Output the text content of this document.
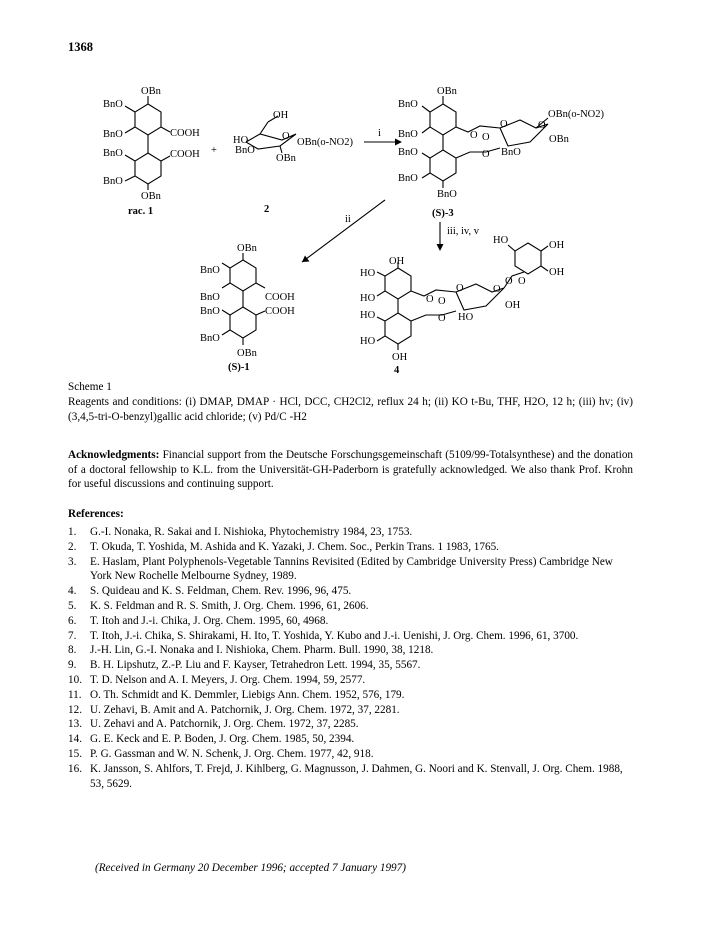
1368
OBn
BnO
BnO
BnO
BnO
OBn
COOH
COOH
rac. 1
+
OH
HO
BnO
O
OBn(o-NO2)
OBn
2
i
OBn
BnO
BnO
BnO
BnO
BnO
O O
O
O
O
OBn(o-NO2)
OBn
BnO
(S)-3
ii
iii, iv, v
OBn
BnO
BnO
BnO
BnO
OBn
COOH
COOH
(S)-1
OH
HO
HO
HO
HO
OH
HO	OH
OH
O O
O
O
O
O O
OH
HO
4
Scheme 1
Reagents and conditions: (i) DMAP, DMAP · HCl, DCC, CH2Cl2, reflux 24 h; (ii) KO t-Bu, THF, H2O, 12 h; (iii) hv; (iv) (3,4,5-tri-O-benzyl)gallic acid chloride; (v) Pd/C -H2
Acknowledgments: Financial support from the Deutsche Forschungsgemeinschaft (5109/99-Totalsynthese) and the donation of a doctoral fellowship to K.L. from the Universität-GH-Paderborn is gratefully acknowledged. We also thank Prof. Krohn for useful discussions and continuing support.
References:
1.	G.-I. Nonaka, R. Sakai and I. Nishioka, Phytochemistry 1984, 23, 1753.
2.	T. Okuda, T. Yoshida, M. Ashida and K. Yazaki, J. Chem. Soc., Perkin Trans. 1 1983, 1765.
3.	E. Haslam, Plant Polyphenols-Vegetable Tannins Revisited (Edited by Cambridge University Press) Cambridge New York New Rochelle Melbourne Sydney, 1989.
4.	S. Quideau and K. S. Feldman, Chem. Rev. 1996, 96, 475.
5.	K. S. Feldman and R. S. Smith, J. Org. Chem. 1996, 61, 2606.
6.	T. Itoh and J.-i. Chika, J. Org. Chem. 1995, 60, 4968.
7.	T. Itoh, J.-i. Chika, S. Shirakami, H. Ito, T. Yoshida, Y. Kubo and J.-i. Uenishi, J. Org. Chem. 1996, 61, 3700.
8.	J.-H. Lin, G.-I. Nonaka and I. Nishioka, Chem. Pharm. Bull. 1990, 38, 1218.
9.	B. H. Lipshutz, Z.-P. Liu and F. Kayser, Tetrahedron Lett. 1994, 35, 5567.
10. T. D. Nelson and A. I. Meyers, J. Org. Chem. 1994, 59, 2577.
11. O. Th. Schmidt and K. Demmler, Liebigs Ann. Chem. 1952, 576, 179.
12. U. Zehavi, B. Amit and A. Patchornik, J. Org. Chem. 1972, 37, 2281.
13. U. Zehavi and A. Patchornik, J. Org. Chem. 1972, 37, 2285.
14. G. E. Keck and E. P. Boden, J. Org. Chem. 1985, 50, 2394.
15. P. G. Gassman and W. N. Schenk, J. Org. Chem. 1977, 42, 918.
16. K. Jansson, S. Ahlfors, T. Frejd, J. Kihlberg, G. Magnusson, J. Dahmen, G. Noori and K. Stenvall, J. Org. Chem. 1988, 53, 5629.
(Received in Germany 20 December 1996; accepted 7 January 1997)
